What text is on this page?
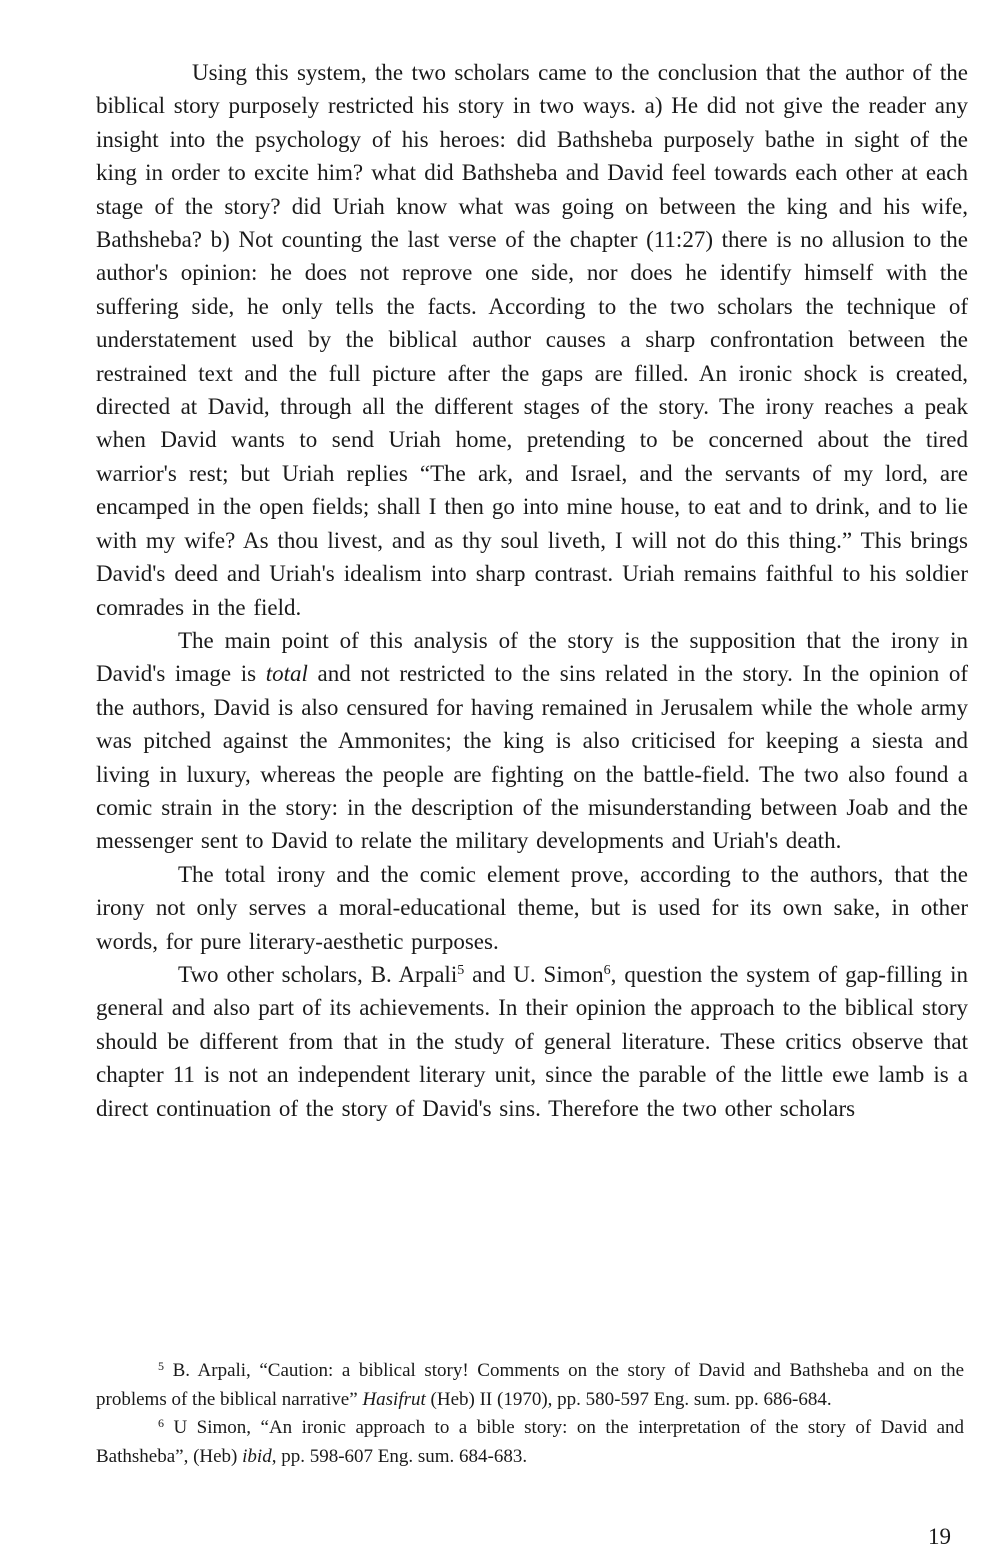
Using this system, the two scholars came to the conclusion that the author of the biblical story purposely restricted his story in two ways. a) He did not give the reader any insight into the psychology of his heroes: did Bathsheba purposely bathe in sight of the king in order to excite him? what did Bathsheba and David feel towards each other at each stage of the story? did Uriah know what was going on between the king and his wife, Bathsheba? b) Not counting the last verse of the chapter (11:27) there is no allusion to the author's opinion: he does not reprove one side, nor does he identify himself with the suffering side, he only tells the facts. According to the two scholars the technique of understatement used by the biblical author causes a sharp confrontation between the restrained text and the full picture after the gaps are filled. An ironic shock is created, directed at David, through all the different stages of the story. The irony reaches a peak when David wants to send Uriah home, pretending to be concerned about the tired warrior's rest; but Uriah replies “The ark, and Israel, and the servants of my lord, are encamped in the open fields; shall I then go into mine house, to eat and to drink, and to lie with my wife? As thou livest, and as thy soul liveth, I will not do this thing.” This brings David's deed and Uriah's idealism into sharp contrast. Uriah remains faithful to his soldier comrades in the field.

The main point of this analysis of the story is the supposition that the irony in David's image is total and not restricted to the sins related in the story. In the opinion of the authors, David is also censured for having remained in Jerusalem while the whole army was pitched against the Ammonites; the king is also criticised for keeping a siesta and living in luxury, whereas the people are fighting on the battle-field. The two also found a comic strain in the story: in the description of the misunderstanding between Joab and the messenger sent to David to relate the military developments and Uriah's death.

The total irony and the comic element prove, according to the authors, that the irony not only serves a moral-educational theme, but is used for its own sake, in other words, for pure literary-aesthetic purposes.

Two other scholars, B. Arpali$^5$ and U. Simon$^6$, question the system of gap-filling in general and also part of its achievements. In their opinion the approach to the biblical story should be different from that in the study of general literature. These critics observe that chapter 11 is not an independent literary unit, since the parable of the little ewe lamb is a direct continuation of the story of David's sins. Therefore the two other scholars

$^5$ B. Arpali, “Caution: a biblical story! Comments on the story of David and Bathsheba and on the problems of the biblical narrative” Hasifrut (Heb) II (1970), pp. 580-597 Eng. sum. pp. 686-684.

$^6$ U Simon, “An ironic approach to a bible story: on the interpretation of the story of David and Bathsheba”, (Heb) ibid, pp. 598-607 Eng. sum. 684-683.

19
